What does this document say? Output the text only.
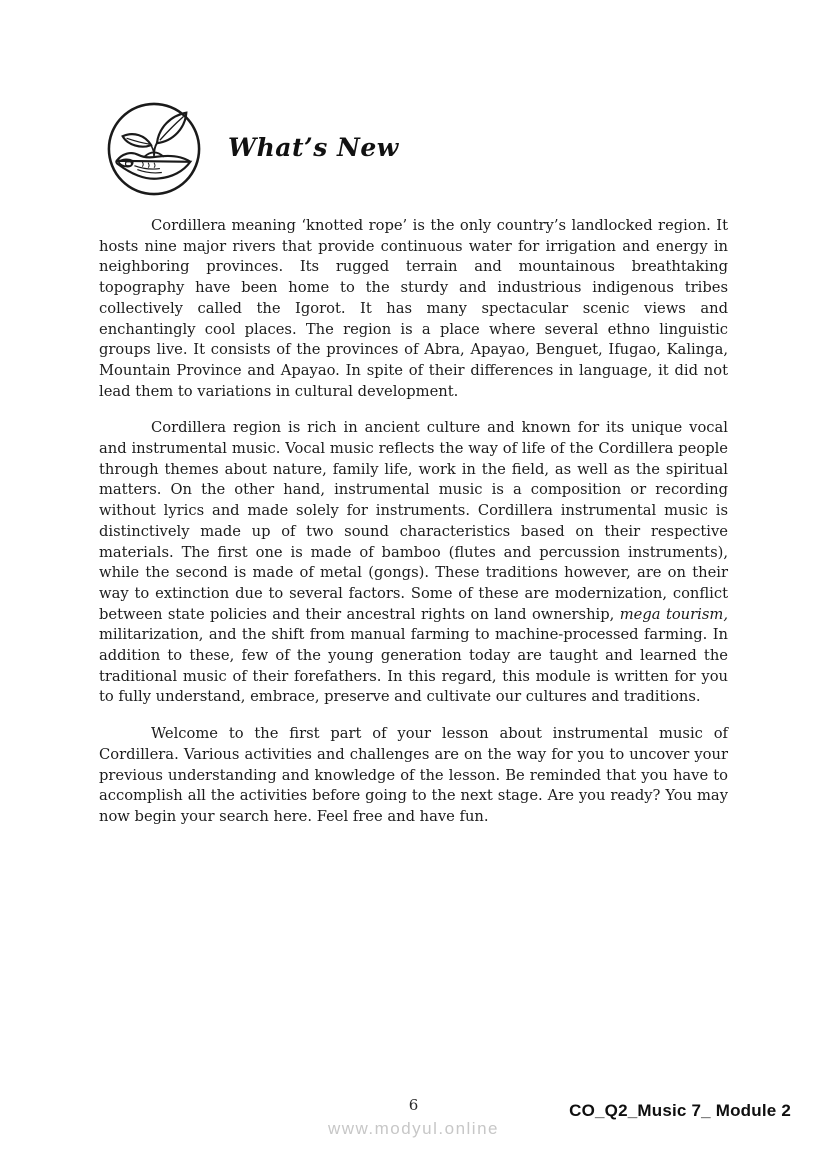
What’s New

Cordillera meaning ‘knotted rope’ is the only country’s landlocked region. It hosts nine major rivers that provide continuous water for irrigation and energy in neighboring provinces. Its rugged terrain and mountainous breathtaking topography have been home to the sturdy and industrious indigenous tribes collectively called the Igorot. It has many spectacular scenic views and enchantingly cool places. The region is a place where several ethno linguistic groups live. It consists of the provinces of Abra, Apayao, Benguet, Ifugao, Kalinga, Mountain Province and Apayao. In spite of their differences in language, it did not lead them to variations in cultural development.

Cordillera region is rich in ancient culture and known for its unique vocal and instrumental music. Vocal music reflects the way of life of the Cordillera people through themes about nature, family life, work in the field, as well as the spiritual matters. On the other hand, instrumental music is a composition or recording without lyrics and made solely for instruments. Cordillera instrumental music is distinctively made up of two sound characteristics based on their respective materials. The first one is made of bamboo (flutes and percussion instruments), while the second is made of metal (gongs). These traditions however, are on their way to extinction due to several factors. Some of these are modernization, conflict between state policies and their ancestral rights on land ownership, mega tourism, militarization, and the shift from manual farming to machine-processed farming. In addition to these, few of the young generation today are taught and learned the traditional music of their forefathers. In this regard, this module is written for you to fully understand, embrace, preserve and cultivate our cultures and traditions.

Welcome to the first part of your lesson about instrumental music of Cordillera. Various activities and challenges are on the way for you to uncover your previous understanding and knowledge of the lesson. Be reminded that you have to accomplish all the activities before going to the next stage. Are you ready? You may now begin your search here. Feel free and have fun.

6
www.modyul.online
CO_Q2_Music 7_ Module 2
